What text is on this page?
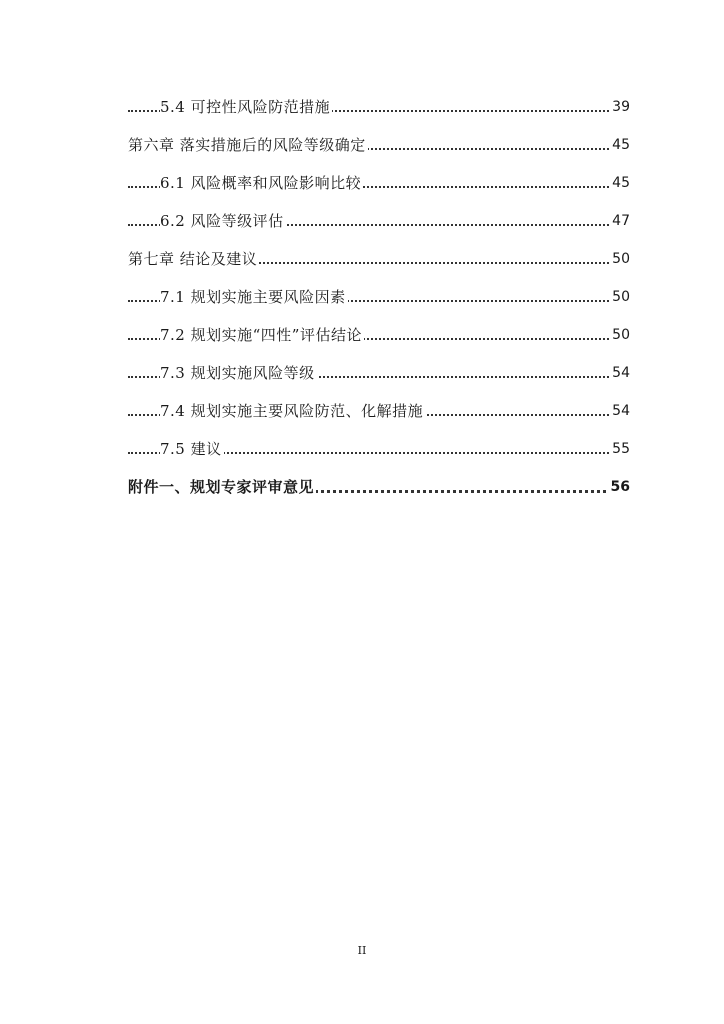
5.4 可控性风险防范措施	39
第六章 落实措施后的风险等级确定	45
6.1 风险概率和风险影响比较	45
6.2 风险等级评估	47
第七章 结论及建议	50
7.1 规划实施主要风险因素	50
7.2 规划实施“四性”评估结论	50
7.3 规划实施风险等级	54
7.4 规划实施主要风险防范、化解措施	54
7.5 建议	55
附件一、规划专家评审意见	56
II
